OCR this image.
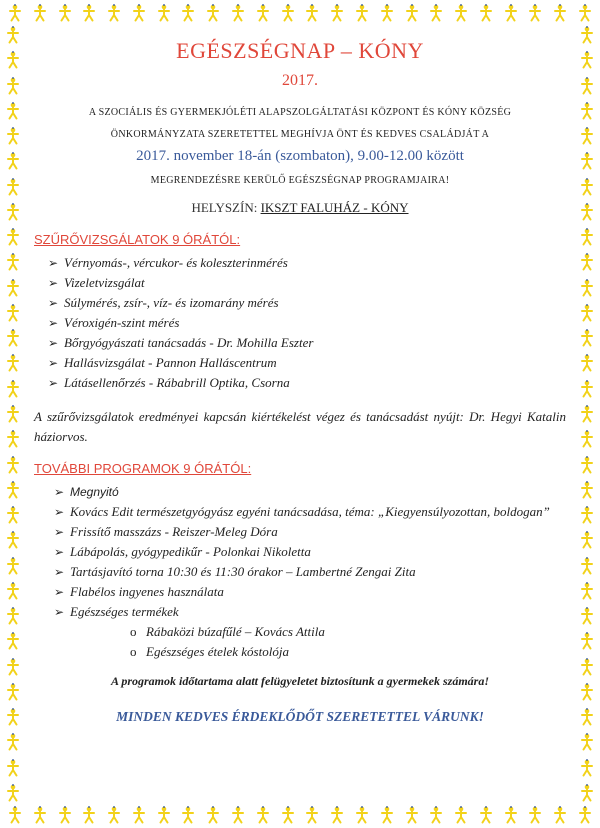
EGÉSZSÉGNAP – KÓNY
2017.
A SZOCIÁLIS ÉS GYERMEKJÓLÉTI ALAPSZOLGÁLTATÁSI KÖZPONT ÉS KÓNY KÖZSÉG
ÖNKORMÁNYZATA SZERETETTEL MEGHÍVJA ÖNT ÉS KEDVES CSALÁDJÁT A
2017. november 18-án (szombaton), 9.00-12.00 között
MEGRENDEZÉSRE KERÜLŐ EGÉSZSÉGNAP PROGRAMJAIRA!
HELYSZÍN: IKSZT FALUHÁZ - KÓNY
SZŰRŐVIZSGÁLATOK 9 ÓRÁTÓL:
➢ Vérnyomás-, vércukor- és koleszterinmérés
➢ Vizeletvizsgálat
➢ Súlymérés, zsír-, víz- és izomarány mérés
➢ Véroxigén-szint mérés
➢ Bőrgyógyászati tanácsadás - Dr. Mohilla Eszter
➢ Hallásvizsgálat - Pannon Halláscentrum
➢ Látásellenőrzés - Rábabrill Optika, Csorna
A szűrővizsgálatok eredményei kapcsán kiértékelést végez és tanácsadást nyújt: Dr. Hegyi Katalin háziorvos.
TOVÁBBI PROGRAMOK 9 ÓRÁTÓL:
➢ Megnyitó
➢ Kovács Edit természetgyógyász egyéni tanácsadása, téma: „Kiegyensúlyozottan, boldogan”
➢ Frissítő masszázs - Reiszer-Meleg Dóra
➢ Lábápolás, gyógypedikűr - Polonkai Nikoletta
➢ Tartásjavító torna 10:30 és 11:30 órakor – Lambertné Zengai Zita
➢ Flabélos ingyenes használata
➢ Egészséges termékek
o Rábaközi búzafűlé – Kovács Attila
o Egészséges ételek kóstolója
A programok időtartama alatt felügyeletet biztosítunk a gyermekek számára!
MINDEN KEDVES ÉRDEKLŐDŐT SZERETETTEL VÁRUNK!
